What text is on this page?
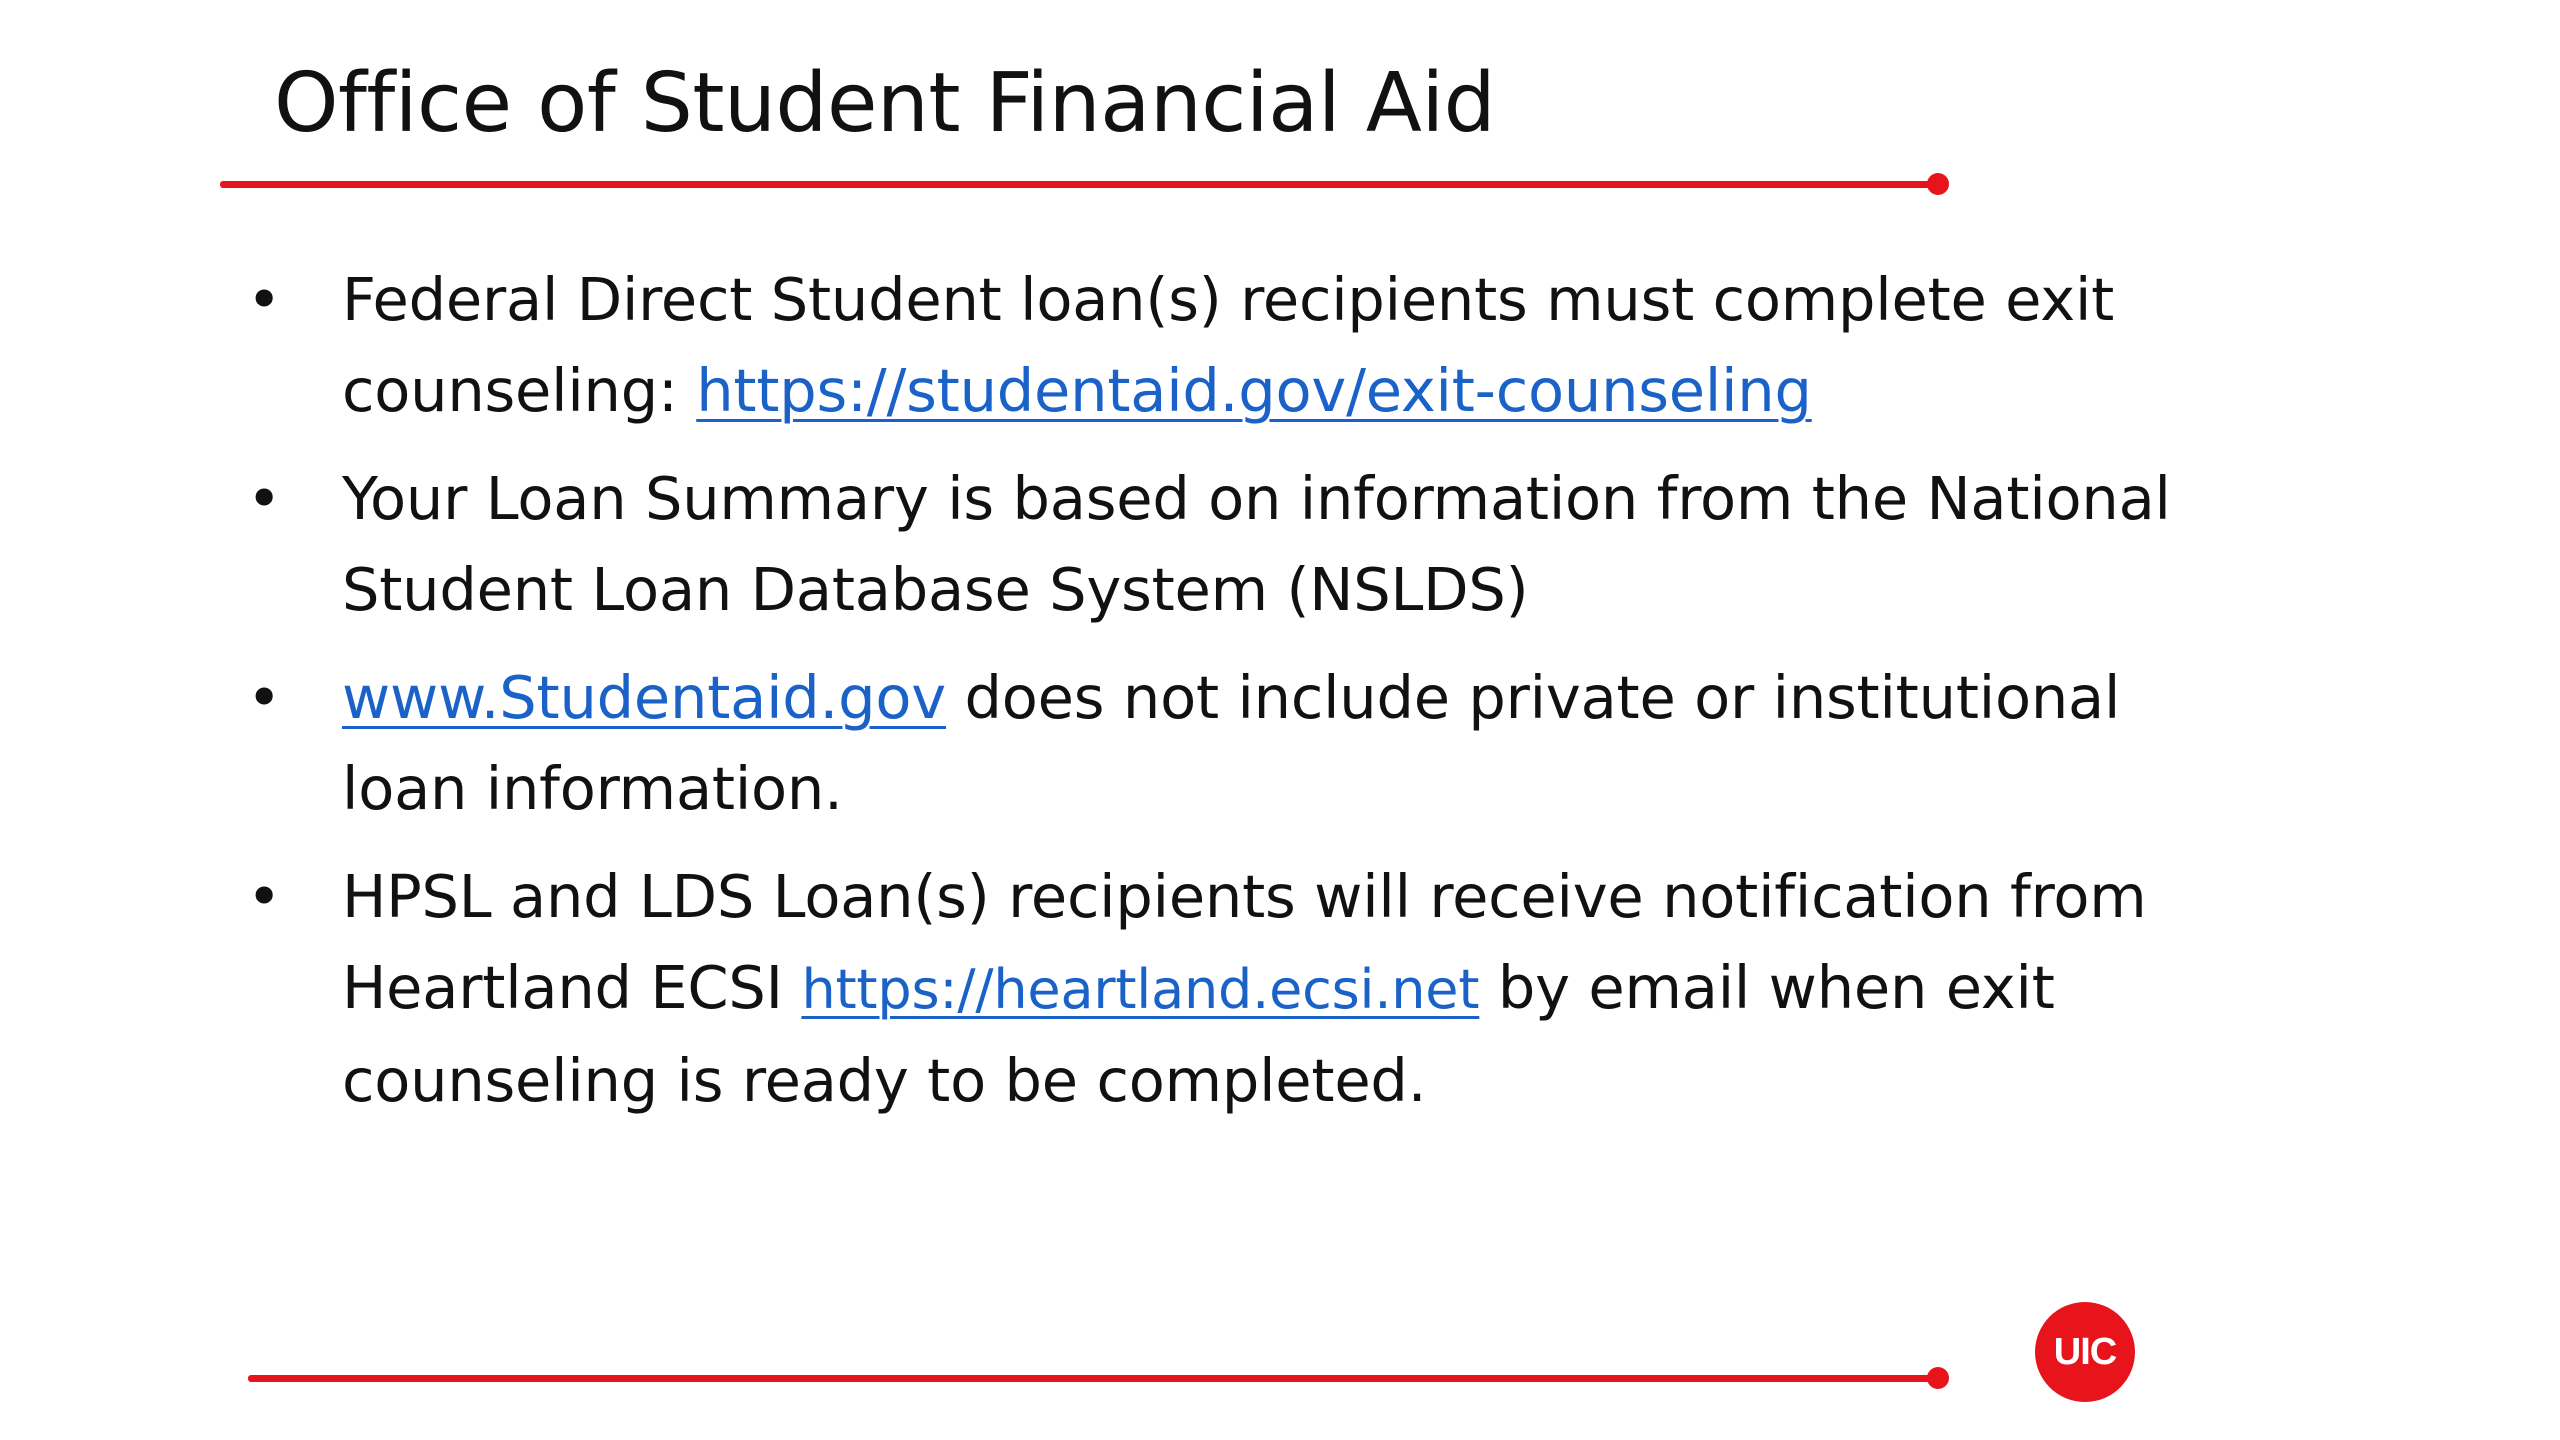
Office of Student Financial Aid
• Federal Direct Student loan(s) recipients must complete exit counseling: https://studentaid.gov/exit-counseling
• Your Loan Summary is based on information from the National Student Loan Database System (NSLDS)
• www.Studentaid.gov does not include private or institutional loan information.
• HPSL and LDS Loan(s) recipients will receive notification from Heartland ECSI https://heartland.ecsi.net by email when exit counseling is ready to be completed.
UIC
